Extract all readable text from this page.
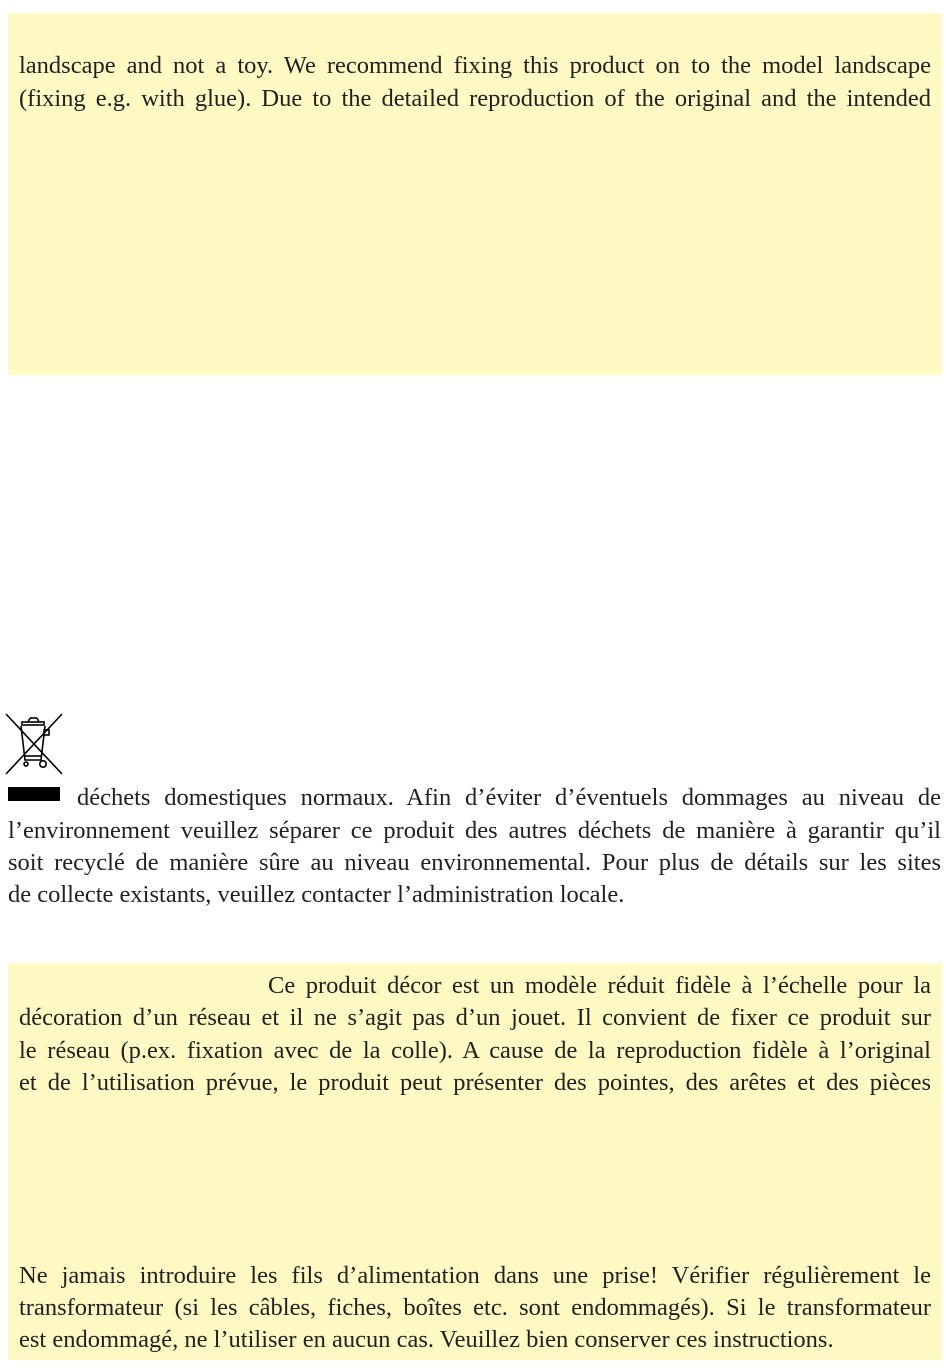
landscape and not a toy. We recommend fixing this product on to the model landscape
(fixing e.g. with glue). Due to the detailed reproduction of the original and the intended
déchets domestiques normaux. Afin d’éviter d’éventuels dommages au niveau de
l’environnement veuillez séparer ce produit des autres déchets de manière à garantir qu’il
soit recyclé de manière sûre au niveau environnemental. Pour plus de détails sur les sites
de collecte existants, veuillez contacter l’administration locale.
Ce produit décor est un modèle réduit fidèle à l’échelle pour la
décoration d’un réseau et il ne s’agit pas d’un jouet. Il convient de fixer ce produit sur
le réseau (p.ex. fixation avec de la colle). A cause de la reproduction fidèle à l’original
et de l’utilisation prévue, le produit peut présenter des pointes, des arêtes et des pièces
Ne jamais introduire les fils d’alimentation dans une prise! Vérifier régulièrement le
transformateur (si les câbles, fiches, boîtes etc. sont endommagés). Si le transformateur
est endommagé, ne l’utiliser en aucun cas. Veuillez bien conserver ces instructions.
